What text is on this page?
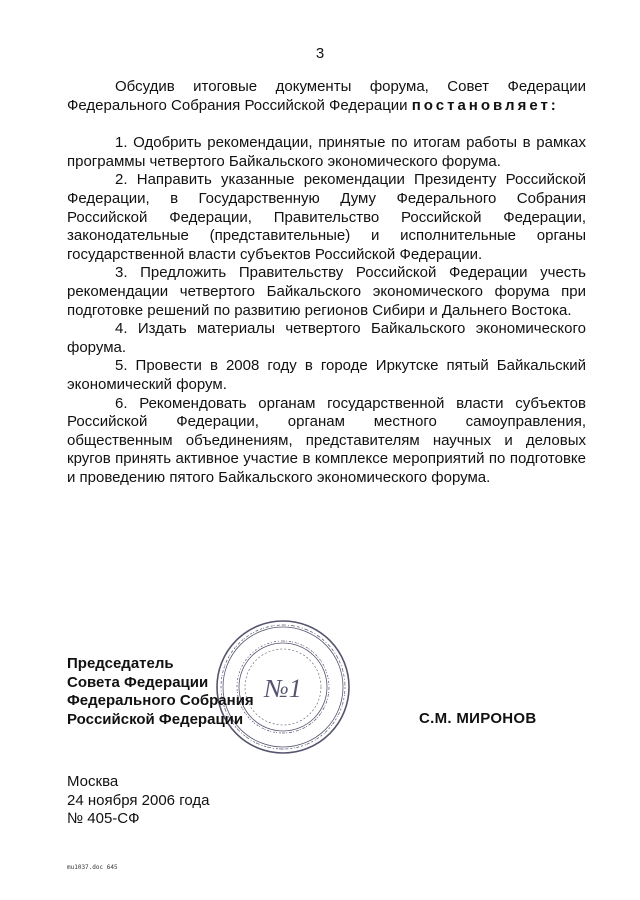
3

Обсудив итоговые документы форума, Совет Федерации Федерального Собрания Российской Федерации постановляет:

1. Одобрить рекомендации, принятые по итогам работы в рамках программы четвертого Байкальского экономического форума.

2. Направить указанные рекомендации Президенту Российской Федерации, в Государственную Думу Федерального Собрания Российской Федерации, Правительство Российской Федерации, законодательные (представительные) и исполнительные органы государственной власти субъектов Российской Федерации.

3. Предложить Правительству Российской Федерации учесть рекомендации четвертого Байкальского экономического форума при подготовке решений по развитию регионов Сибири и Дальнего Востока.

4. Издать материалы четвертого Байкальского экономического форума.

5. Провести в 2008 году в городе Иркутске пятый Байкальский экономический форум.

6. Рекомендовать органам государственной власти субъектов Российской Федерации, органам местного самоуправления, общественным объединениям, представителям научных и деловых кругов принять активное участие в комплексе мероприятий по подготовке и проведению пятого Байкальского экономического форума.

№1
Председатель
Совета Федерации
Федерального Собрания
Российской Федерации	С.М. МИРОНОВ
Москва
24 ноября 2006 года
№ 405-СФ
mu1037.doc 645
